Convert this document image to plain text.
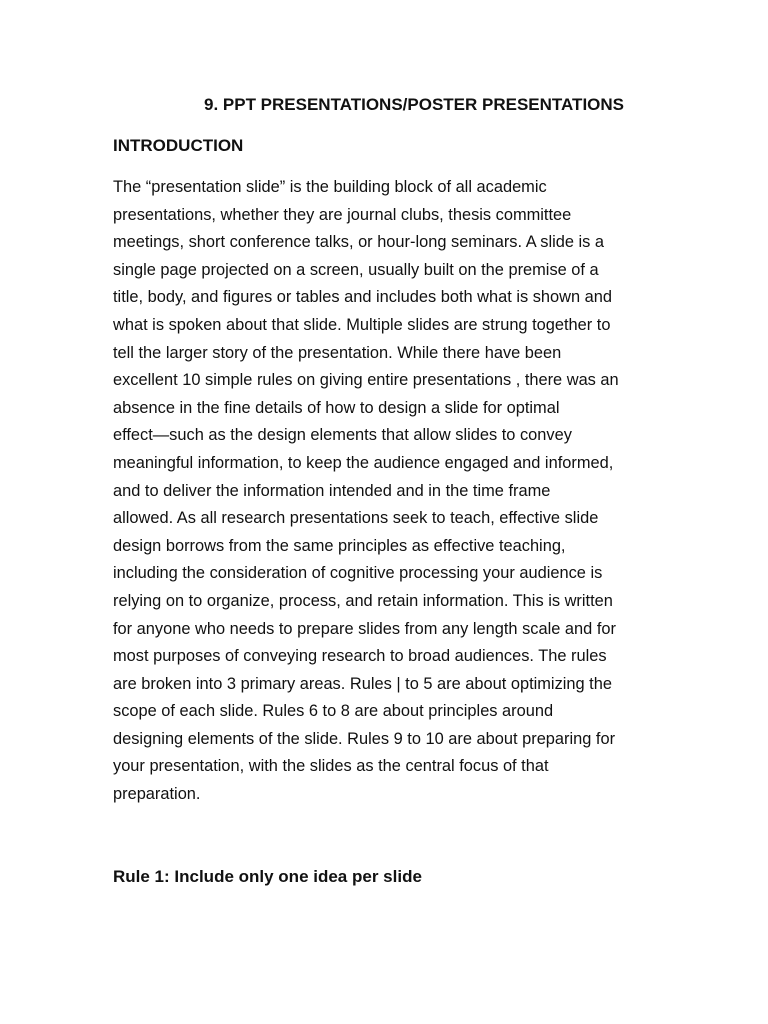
9. PPT PRESENTATIONS/POSTER PRESENTATIONS
INTRODUCTION
The “presentation slide” is the building block of all academic
presentations, whether they are journal clubs, thesis committee
meetings, short conference talks, or hour-long seminars. A slide is a
single page projected on a screen, usually built on the premise of a
title, body, and figures or tables and includes both what is shown and
what is spoken about that slide. Multiple slides are strung together to
tell the larger story of the presentation. While there have been
excellent 10 simple rules on giving entire presentations , there was an
absence in the fine details of how to design a slide for optimal
effect—such as the design elements that allow slides to convey
meaningful information, to keep the audience engaged and informed,
and to deliver the information intended and in the time frame
allowed. As all research presentations seek to teach, effective slide
design borrows from the same principles as effective teaching,
including the consideration of cognitive processing your audience is
relying on to organize, process, and retain information. This is written
for anyone who needs to prepare slides from any length scale and for
most purposes of conveying research to broad audiences. The rules
are broken into 3 primary areas. Rules | to 5 are about optimizing the
scope of each slide. Rules 6 to 8 are about principles around
designing elements of the slide. Rules 9 to 10 are about preparing for
your presentation, with the slides as the central focus of that
preparation.
Rule 1: Include only one idea per slide
